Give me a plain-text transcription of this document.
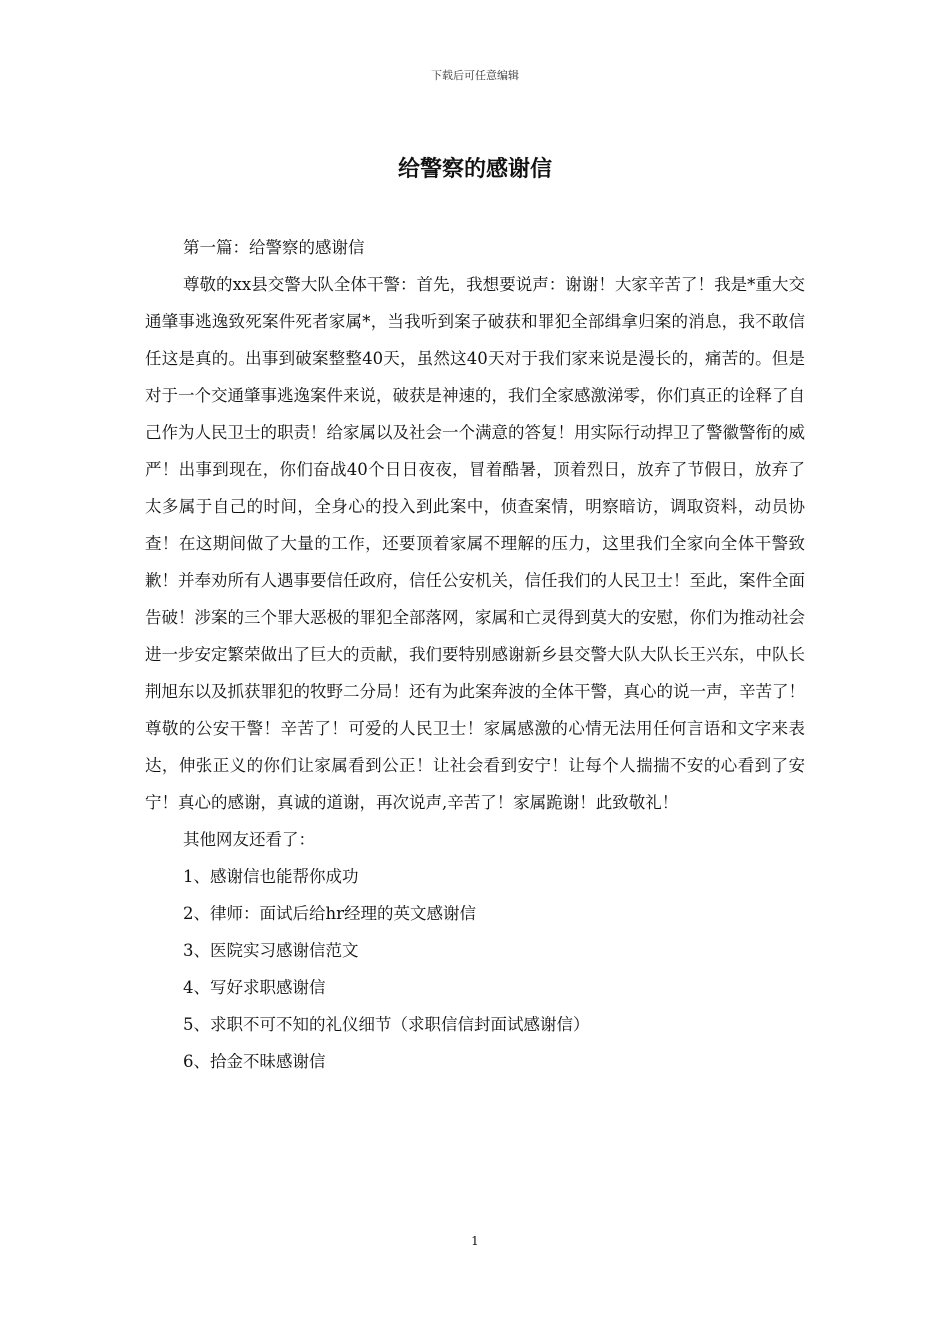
下载后可任意编辑
给警察的感谢信

第一篇：给警察的感谢信

尊敬的xx县交警大队全体干警：首先，我想要说声：谢谢！大家辛苦了！我是*重大交通肇事逃逸致死案件死者家属*，当我听到案子破获和罪犯全部缉拿归案的消息，我不敢信任这是真的。出事到破案整整40天，虽然这40天对于我们家来说是漫长的，痛苦的。但是对于一个交通肇事逃逸案件来说，破获是神速的，我们全家感激涕零，你们真正的诠释了自己作为人民卫士的职责！给家属以及社会一个满意的答复！用实际行动捍卫了警徽警衔的威严！出事到现在，你们奋战40个日日夜夜，冒着酷暑，顶着烈日，放弃了节假日，放弃了太多属于自己的时间，全身心的投入到此案中，侦查案情，明察暗访，调取资料，动员协查！在这期间做了大量的工作，还要顶着家属不理解的压力，这里我们全家向全体干警致歉！并奉劝所有人遇事要信任政府，信任公安机关，信任我们的人民卫士！至此，案件全面告破！涉案的三个罪大恶极的罪犯全部落网，家属和亡灵得到莫大的安慰，你们为推动社会进一步安定繁荣做出了巨大的贡献，我们要特别感谢新乡县交警大队大队长王兴东，中队长荆旭东以及抓获罪犯的牧野二分局！还有为此案奔波的全体干警，真心的说一声，辛苦了！尊敬的公安干警！辛苦了！可爱的人民卫士！家属感激的心情无法用任何言语和文字来表达，伸张正义的你们让家属看到公正！让社会看到安宁！让每个人揣揣不安的心看到了安宁！真心的感谢，真诚的道谢，再次说声,辛苦了！家属跪谢！此致敬礼！

其他网友还看了：

1、感谢信也能帮你成功
2、律师：面试后给hr经理的英文感谢信
3、医院实习感谢信范文
4、写好求职感谢信
5、求职不可不知的礼仪细节（求职信信封面试感谢信）
6、拾金不昧感谢信
1
